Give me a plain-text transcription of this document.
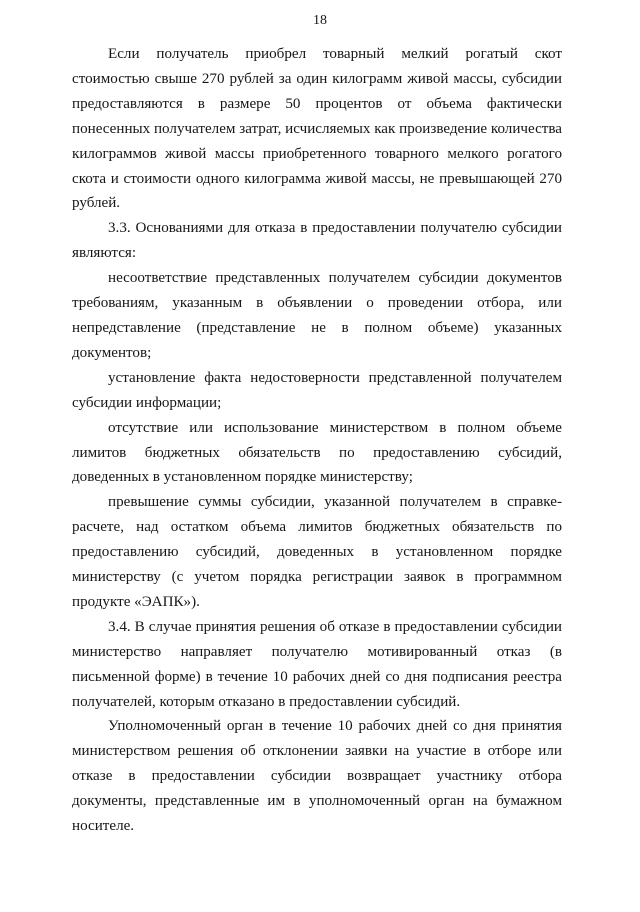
18

Если получатель приобрел товарный мелкий рогатый скот стоимостью свыше 270 рублей за один килограмм живой массы, субсидии предоставляются в размере 50 процентов от объема фактически понесенных получателем затрат, исчисляемых как произведение количества килограммов живой массы приобретенного товарного мелкого рогатого скота и стоимости одного килограмма живой массы, не превышающей 270 рублей.

3.3. Основаниями для отказа в предоставлении получателю субсидии являются:

несоответствие представленных получателем субсидии документов требованиям, указанным в объявлении о проведении отбора, или непредставление (представление не в полном объеме) указанных документов;

установление факта недостоверности представленной получателем субсидии информации;

отсутствие или использование министерством в полном объеме лимитов бюджетных обязательств по предоставлению субсидий, доведенных в установленном порядке министерству;

превышение суммы субсидии, указанной получателем в справке-расчете, над остатком объема лимитов бюджетных обязательств по предоставлению субсидий, доведенных в установленном порядке министерству (с учетом порядка регистрации заявок в программном продукте «ЭАПК»).

3.4. В случае принятия решения об отказе в предоставлении субсидии министерство направляет получателю мотивированный отказ (в письменной форме) в течение 10 рабочих дней со дня подписания реестра получателей, которым отказано в предоставлении субсидий.

Уполномоченный орган в течение 10 рабочих дней со дня принятия министерством решения об отклонении заявки на участие в отборе или отказе в предоставлении субсидии возвращает участнику отбора документы, представленные им в уполномоченный орган на бумажном носителе.
